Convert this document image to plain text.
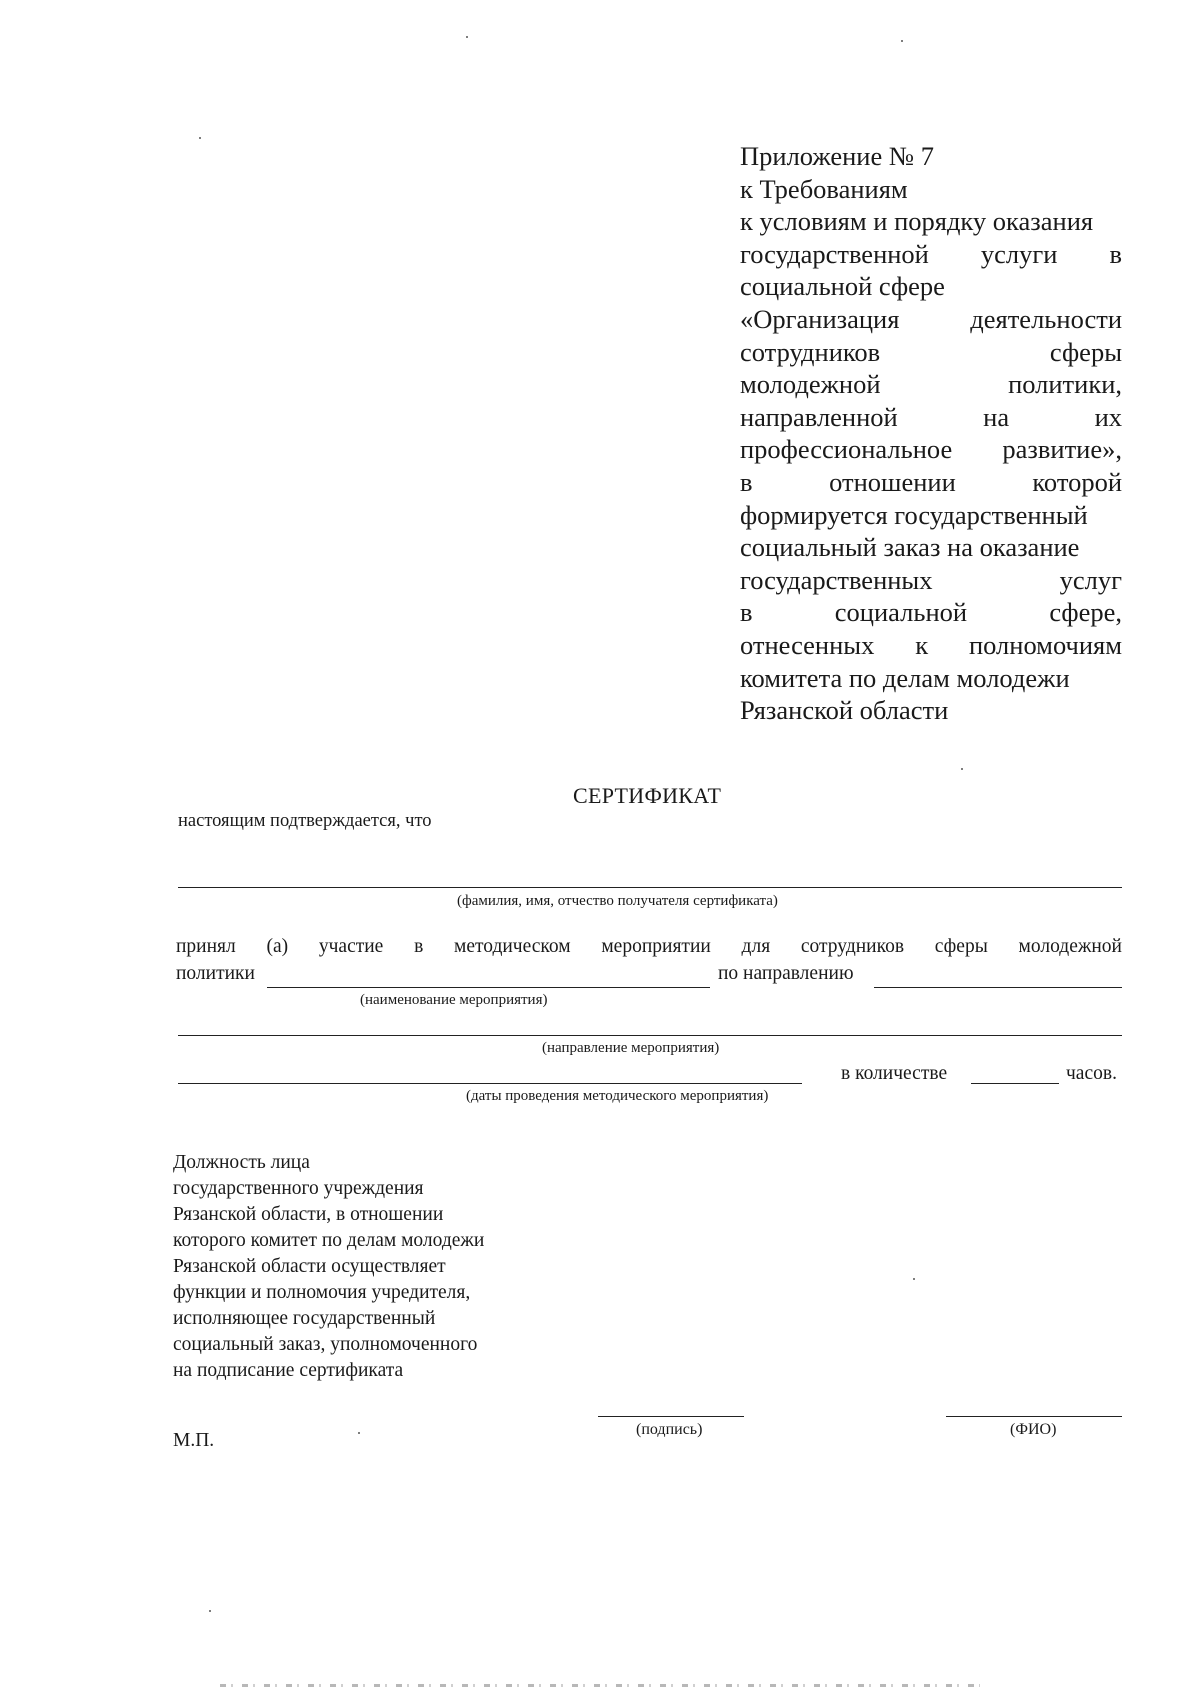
Приложение № 7
к Требованиям
к условиям и порядку оказания
государственной услуги в
социальной сфере
«Организация	деятельности
сотрудников	сферы
молодежной	политики,
направленной	на	их
профессиональное развитие»,
в	отношении	которой
формируется государственный
социальный заказ на оказание
государственных	услуг
в	социальной	сфере,
отнесенных к полномочиям
комитета по делам молодежи
Рязанской области
СЕРТИФИКАТ
настоящим подтверждается, что
(фамилия, имя, отчество получателя сертификата)
принял (а) участие в методическом мероприятии для сотрудников сферы молодежной
политики	по направлению
(наименование мероприятия)
(направление мероприятия)
в количестве	часов.
(даты проведения методического мероприятия)
Должность лица
государственного учреждения
Рязанской области, в отношении
которого комитет по делам молодежи
Рязанской области осуществляет
функции и полномочия учредителя,
исполняющее государственный
социальный заказ, уполномоченного
на подписание сертификата
(подпись)	(ФИО)
М.П.
